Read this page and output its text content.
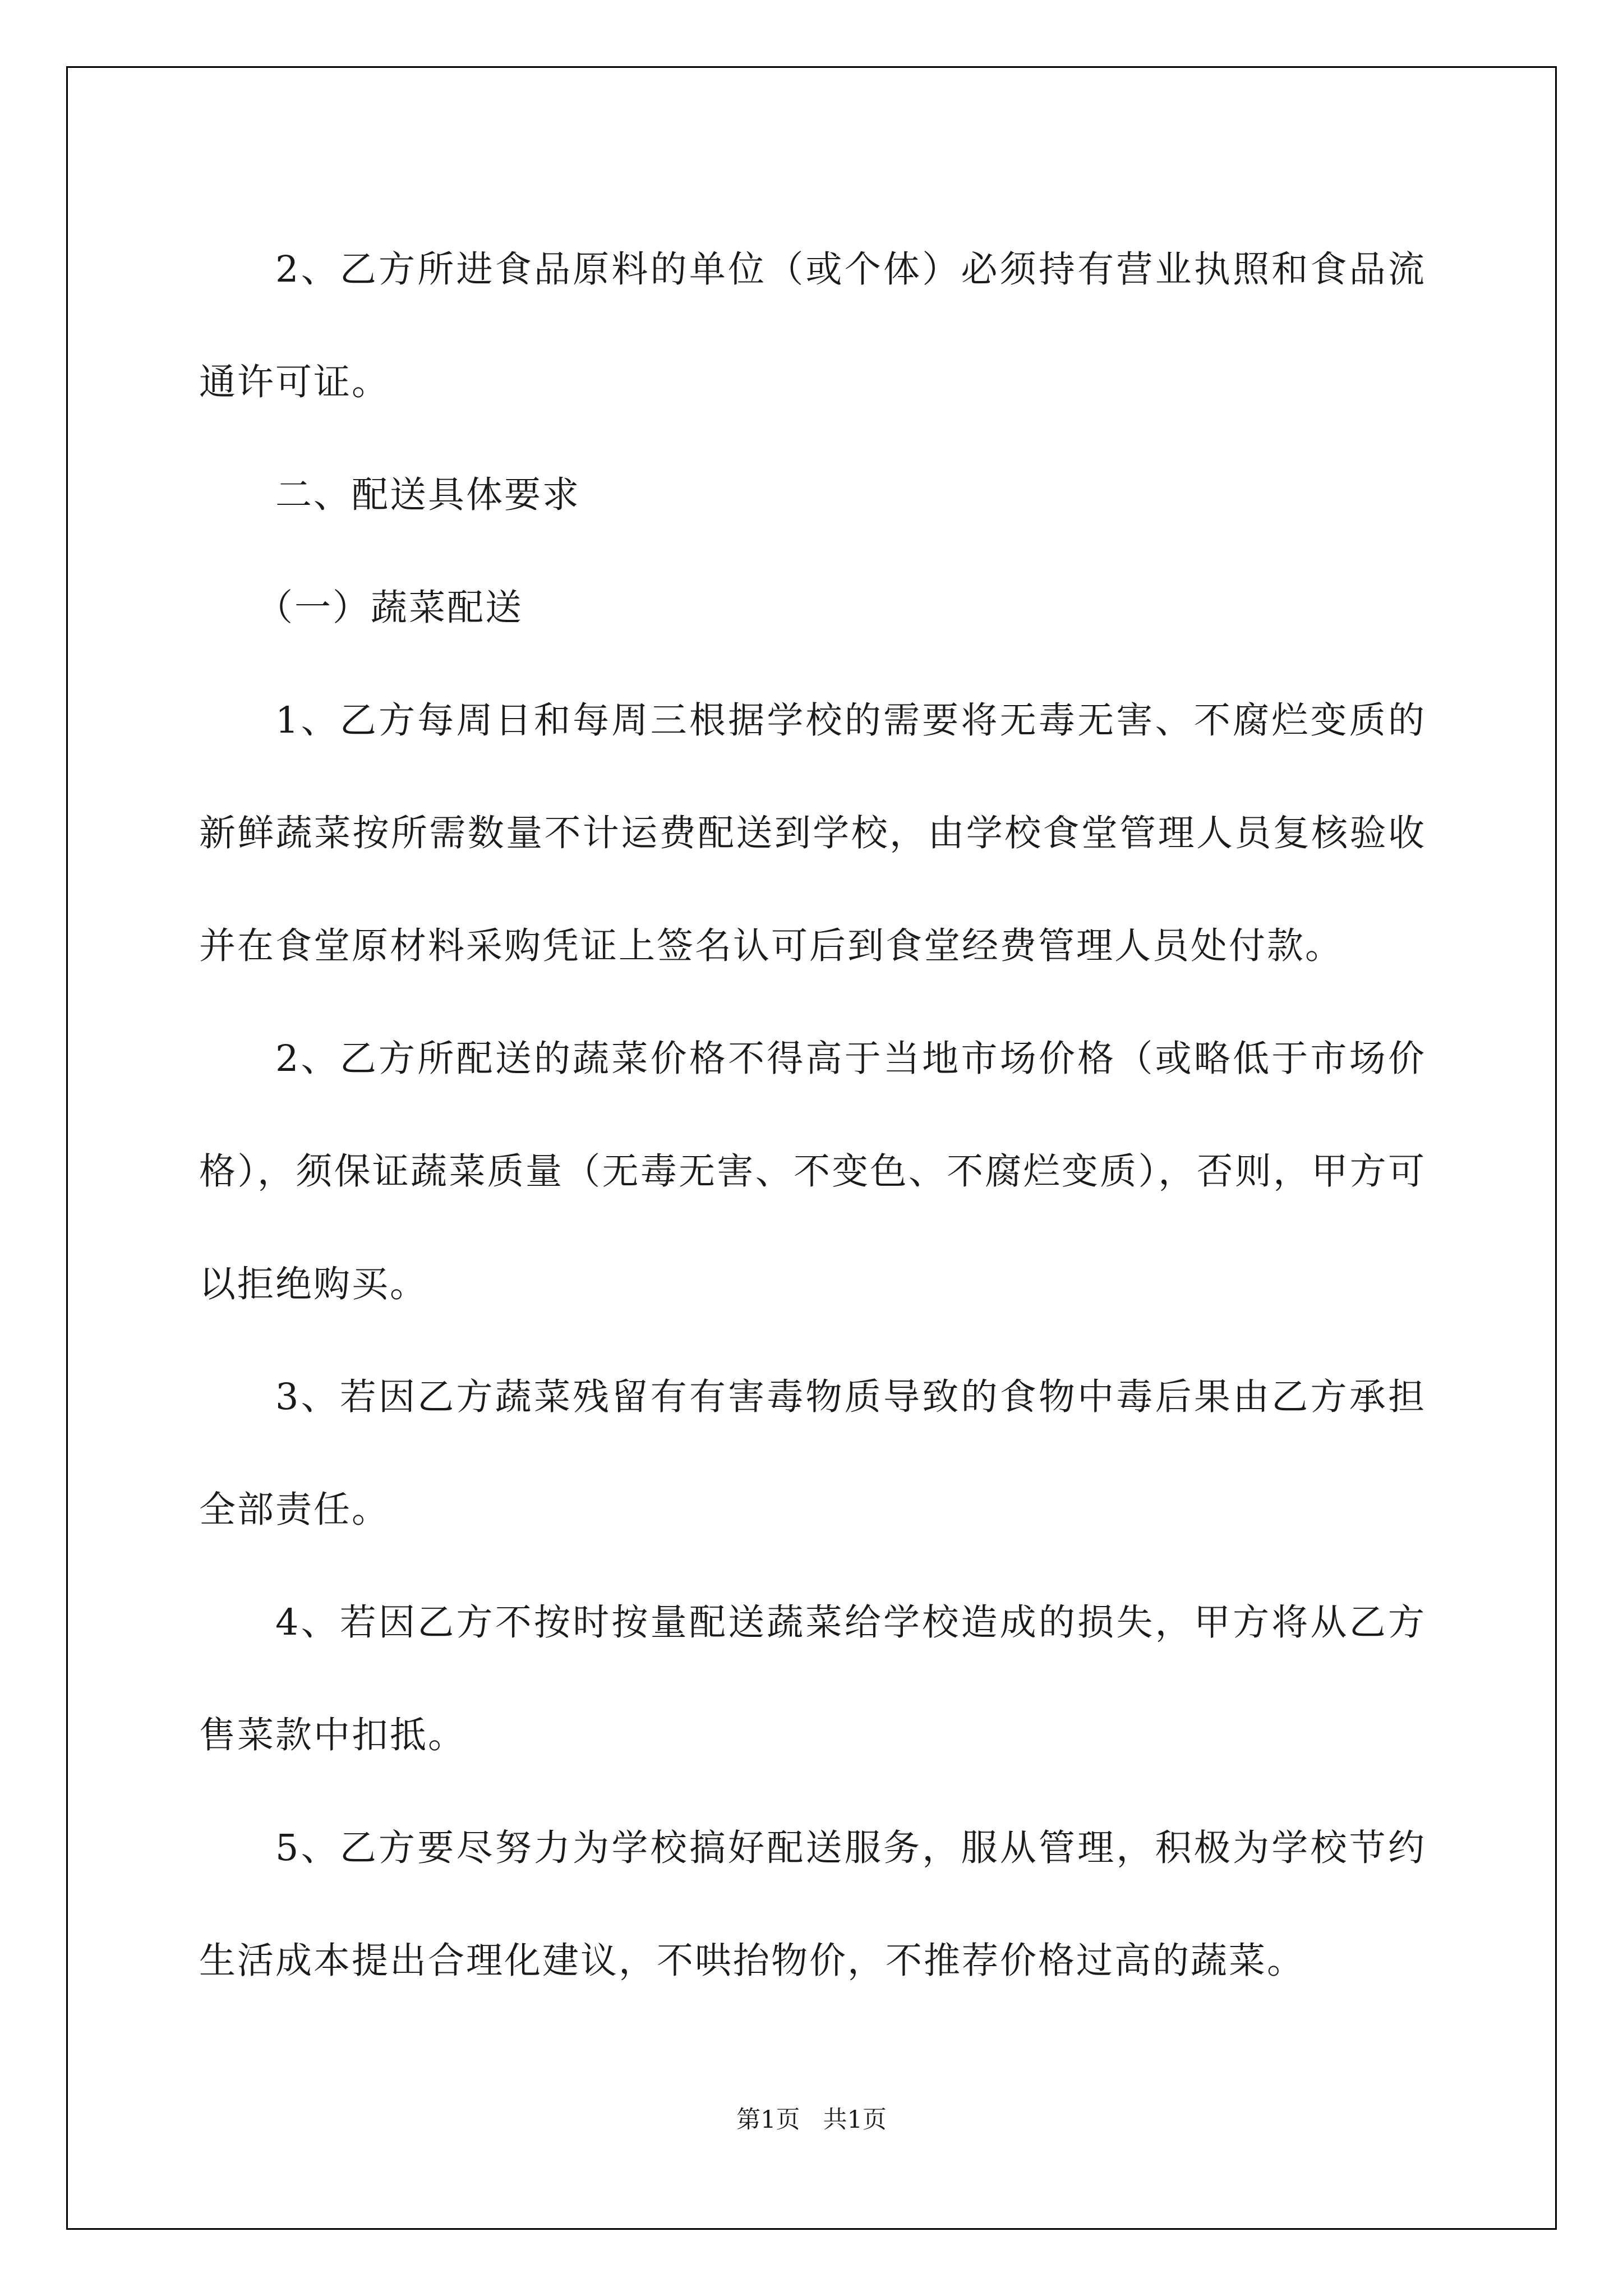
2、乙方所进食品原料的单位（或个体）必须持有营业执照和食品流通许可证。

二、配送具体要求

（一）蔬菜配送

1、乙方每周日和每周三根据学校的需要将无毒无害、不腐烂变质的新鲜蔬菜按所需数量不计运费配送到学校，由学校食堂管理人员复核验收并在食堂原材料采购凭证上签名认可后到食堂经费管理人员处付款。

2、乙方所配送的蔬菜价格不得高于当地市场价格（或略低于市场价格），须保证蔬菜质量（无毒无害、不变色、不腐烂变质），否则，甲方可以拒绝购买。

3、若因乙方蔬菜残留有有害毒物质导致的食物中毒后果由乙方承担全部责任。

4、若因乙方不按时按量配送蔬菜给学校造成的损失，甲方将从乙方售菜款中扣抵。

5、乙方要尽努力为学校搞好配送服务，服从管理，积极为学校节约生活成本提出合理化建议，不哄抬物价，不推荐价格过高的蔬菜。

第1页   共1页
